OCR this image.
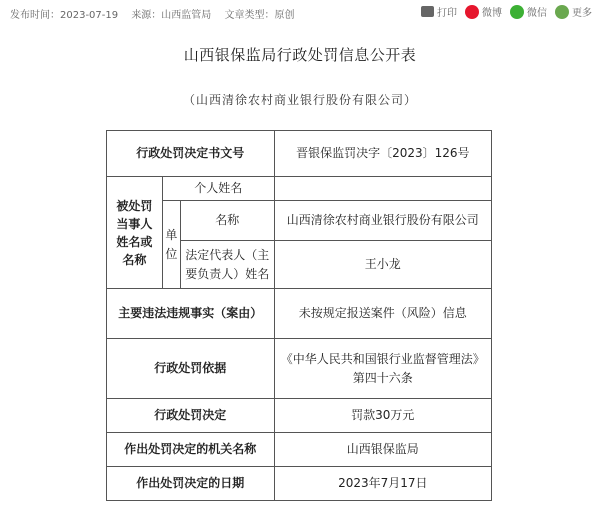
发布时间：2023-07-19 来源：山西监管局 文章类型：原创	打印	微博	微信	更多
山西银保监局行政处罚信息公开表
（山西清徐农村商业银行股份有限公司）
行政处罚决定书文号			晋银保监罚决字〔2023〕126号
被处罚当事人姓名或名称	个人姓名		
	单位	名称	山西清徐农村商业银行股份有限公司
		法定代表人（主要负责人）姓名	王小龙
主要违法违规事实（案由）			未按规定报送案件（风险）信息
行政处罚依据			《中华人民共和国银行业监督管理法》第四十六条
行政处罚决定			罚款30万元
作出处罚决定的机关名称			山西银保监局
作出处罚决定的日期			2023年7月17日
